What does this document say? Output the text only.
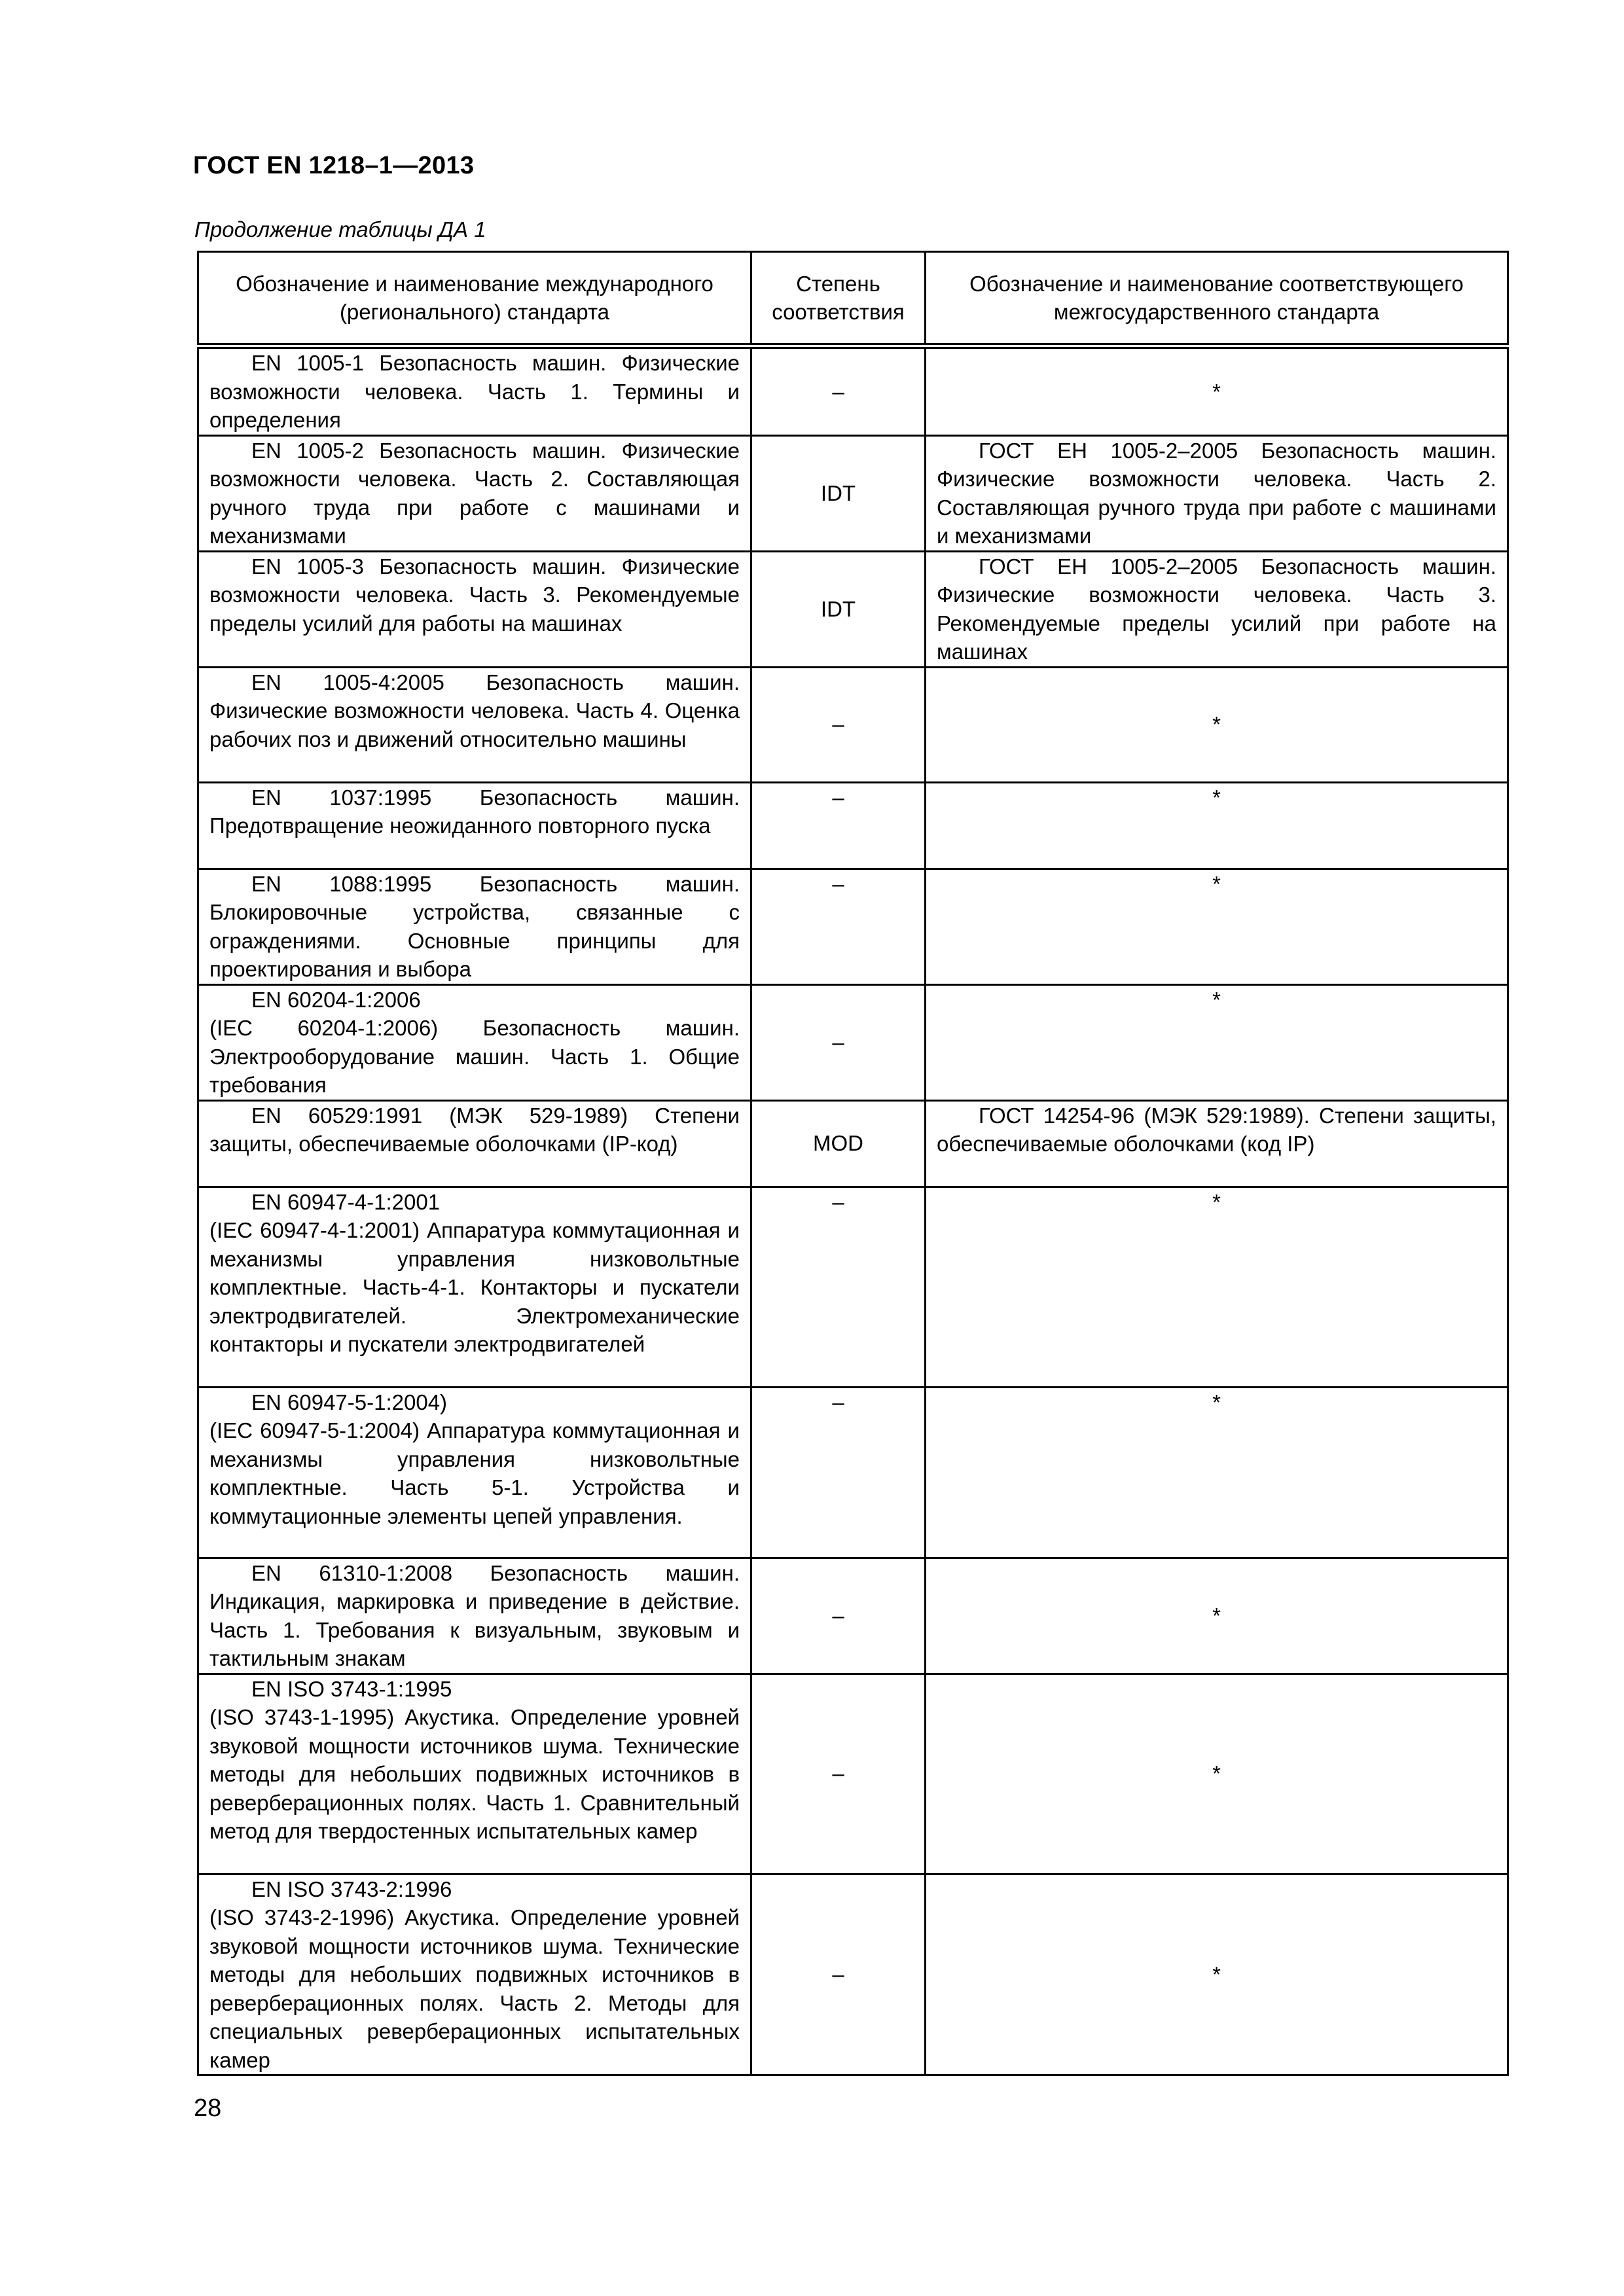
ГОСТ EN 1218–1—2013

Продолжение таблицы ДА 1

Обозначение и наименование международного (регионального) стандарта	Степень соответствия	Обозначение и наименование соответствующего межгосударственного стандарта
EN 1005-1 Безопасность машин. Физические возможности человека. Часть 1. Термины и определения	–	*
EN 1005-2 Безопасность машин. Физические возможности человека. Часть 2. Составляющая ручного труда при работе с машинами и механизмами	IDT	ГОСТ ЕН 1005-2–2005 Безопасность машин. Физические возможности человека. Часть 2. Составляющая ручного труда при работе с машинами и механизмами
EN 1005-3 Безопасность машин. Физические возможности человека. Часть 3. Рекомендуемые пределы усилий для работы на машинах	IDT	ГОСТ ЕН 1005-2–2005 Безопасность машин. Физические возможности человека. Часть 3. Рекомендуемые пределы усилий при работе на машинах
EN 1005-4:2005 Безопасность машин. Физические возможности человека. Часть 4. Оценка рабочих поз и движений относительно машины	–	*
EN 1037:1995 Безопасность машин. Предотвращение неожиданного повторного пуска	–	*
EN 1088:1995 Безопасность машин. Блокировочные устройства, связанные с ограждениями. Основные принципы для проектирования и выбора	–	*

EN 60204-1:2006
(IEC 60204-1:2006) Безопасность машин. Электрооборудование машин. Часть 1. Общие требования	–	*
EN 60529:1991 (МЭК 529-1989) Степени защиты, обеспечиваемые оболочками (IP-код)	MOD	ГОСТ 14254-96 (МЭК 529:1989). Степени защиты, обеспечиваемые оболочками (код IP)

EN 60947-4-1:2001
(IEC 60947-4-1:2001) Аппаратура коммутационная и механизмы управления низковольтные комплектные. Часть-4-1. Контакторы и пускатели электродвигателей. Электромеханические контакторы и пускатели электродвигателей	–	*

EN 60947-5-1:2004)
(IEC 60947-5-1:2004) Аппаратура коммутационная и механизмы управления низковольтные комплектные. Часть 5-1. Устройства и коммутационные элементы цепей управления.	–	*
EN 61310-1:2008 Безопасность машин. Индикация, маркировка и приведение в действие. Часть 1. Требования к визуальным, звуковым и тактильным знакам	–	*

EN ISO 3743-1:1995
(ISO 3743-1-1995) Акустика. Определение уровней звуковой мощности источников шума. Технические методы для небольших подвижных источников в реверберационных полях. Часть 1. Сравнительный метод для твердостенных испытательных камер	–	*

EN ISO 3743-2:1996
(ISO 3743-2-1996) Акустика. Определение уровней звуковой мощности источников шума. Технические методы для небольших подвижных источников в реверберационных полях. Часть 2. Методы для специальных реверберационных испытательных камер	–	*

28
